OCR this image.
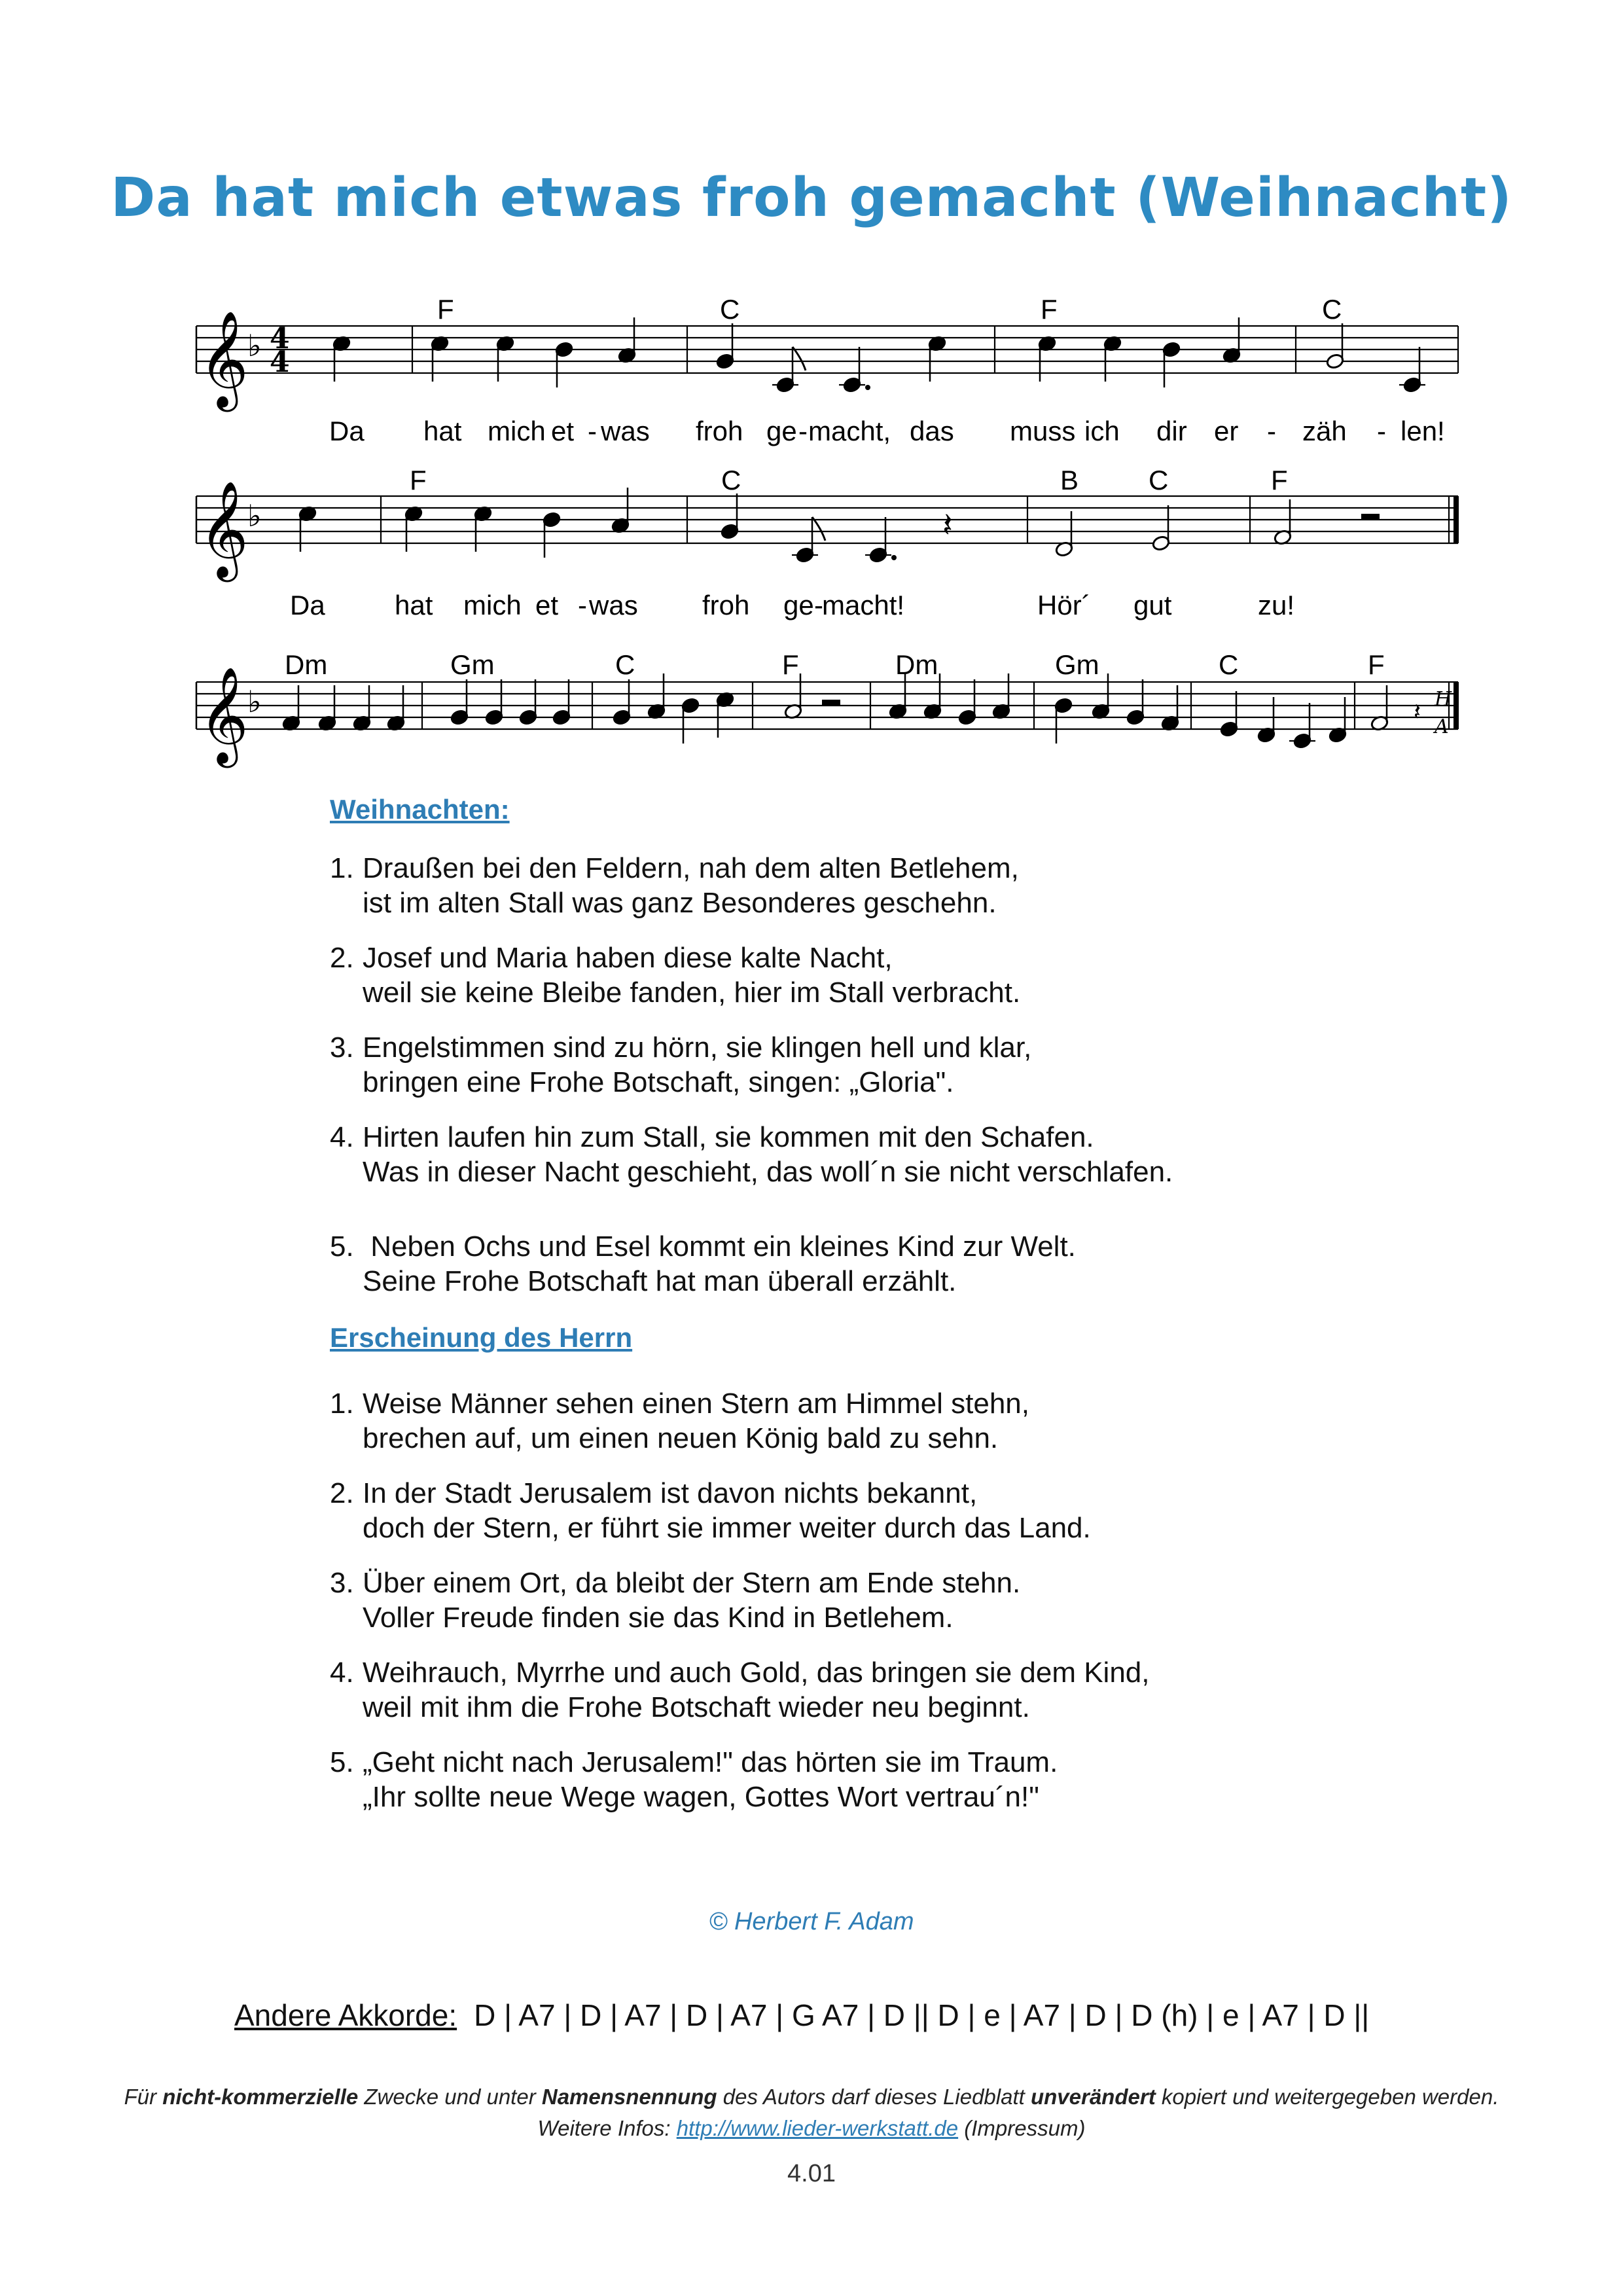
Da hat mich etwas froh gemacht (Weihnacht)
𝄞
♭ 4
4
𝄞
♭
𝄞
♭
𝄽
𝄽 H
A
F	C	F	C
Da hat mich et - was froh ge - macht, das muss ich dir er - zäh - len!
F	C	B	C	F
Da	hat mich et - was froh ge -
macht!	Hör´ gut	zu!
Dm	Gm	C	F	Dm	Gm	C	F
Weihnachten:
1. Draußen bei den Feldern, nah dem alten Betlehem,
ist im alten Stall was ganz Besonderes geschehn.
2. Josef und Maria haben diese kalte Nacht,
weil sie keine Bleibe fanden, hier im Stall verbracht.
3. Engelstimmen sind zu hörn, sie klingen hell und klar,
bringen eine Frohe Botschaft, singen: „Gloria".
4. Hirten laufen hin zum Stall, sie kommen mit den Schafen.
Was in dieser Nacht geschieht, das woll´n sie nicht verschlafen.
5. Neben Ochs und Esel kommt ein kleines Kind zur Welt.
Seine Frohe Botschaft hat man überall erzählt.
Erscheinung des Herrn
1. Weise Männer sehen einen Stern am Himmel stehn,
brechen auf, um einen neuen König bald zu sehn.
2. In der Stadt Jerusalem ist davon nichts bekannt,
doch der Stern, er führt sie immer weiter durch das Land.
3. Über einem Ort, da bleibt der Stern am Ende stehn.
Voller Freude finden sie das Kind in Betlehem.
4. Weihrauch, Myrrhe und auch Gold, das bringen sie dem Kind,
weil mit ihm die Frohe Botschaft wieder neu beginnt.
5. „Geht nicht nach Jerusalem!" das hörten sie im Traum.
„Ihr sollte neue Wege wagen, Gottes Wort vertrau´n!"
© Herbert F. Adam
Andere Akkorde: D | A7 | D | A7 | D | A7 | G A7 | D || D | e | A7 | D | D (h) | e | A7 | D ||
Für nicht-kommerzielle Zwecke und unter Namensnennung des Autors darf dieses Liedblatt unverändert kopiert und weitergegeben werden.
Weitere Infos: http://www.lieder-werkstatt.de (Impressum)
4.01
